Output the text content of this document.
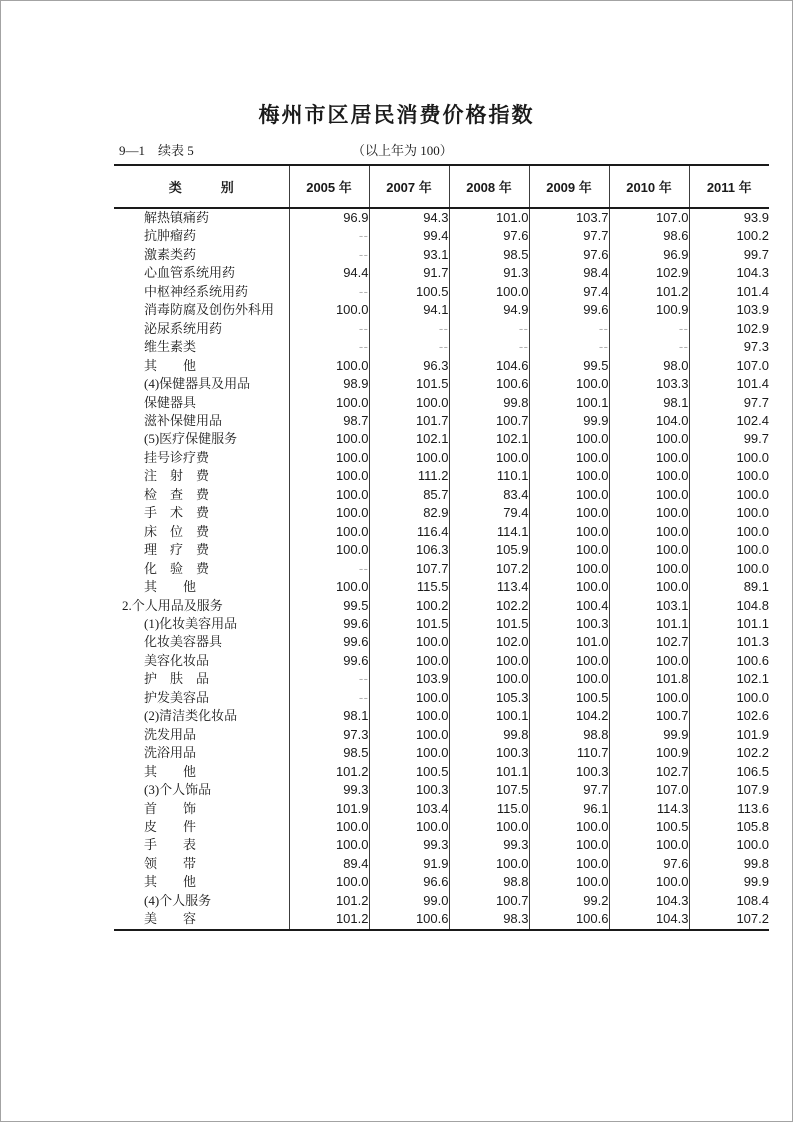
梅州市区居民消费价格指数
9—1　续表 5	（以上年为 100）
类　　　别	2005 年	2007 年	2008 年	2009 年	2010 年	2011 年
解热镇痛药	96.9	94.3	101.0	103.7	107.0	93.9
抗肿瘤药	--	99.4	97.6	97.7	98.6	100.2
激素类药	--	93.1	98.5	97.6	96.9	99.7
心血管系统用药	94.4	91.7	91.3	98.4	102.9	104.3
中枢神经系统用药	--	100.5	100.0	97.4	101.2	101.4
消毒防腐及创伤外科用	100.0	94.1	94.9	99.6	100.9	103.9
泌尿系统用药	--	--	--	--	--	102.9
维生素类	--	--	--	--	--	97.3
其　　他	100.0	96.3	104.6	99.5	98.0	107.0
(4)保健器具及用品	98.9	101.5	100.6	100.0	103.3	101.4
保健器具	100.0	100.0	99.8	100.1	98.1	97.7
滋补保健用品	98.7	101.7	100.7	99.9	104.0	102.4
(5)医疗保健服务	100.0	102.1	102.1	100.0	100.0	99.7
挂号诊疗费	100.0	100.0	100.0	100.0	100.0	100.0
注　射　费	100.0	111.2	110.1	100.0	100.0	100.0
检　查　费	100.0	85.7	83.4	100.0	100.0	100.0
手　术　费	100.0	82.9	79.4	100.0	100.0	100.0
床　位　费	100.0	116.4	114.1	100.0	100.0	100.0
理　疗　费	100.0	106.3	105.9	100.0	100.0	100.0
化　验　费	--	107.7	107.2	100.0	100.0	100.0
其　　他	100.0	115.5	113.4	100.0	100.0	89.1
2.个人用品及服务	99.5	100.2	102.2	100.4	103.1	104.8
(1)化妆美容用品	99.6	101.5	101.5	100.3	101.1	101.1
化妆美容器具	99.6	100.0	102.0	101.0	102.7	101.3
美容化妆品	99.6	100.0	100.0	100.0	100.0	100.6
护　肤　品	--	103.9	100.0	100.0	101.8	102.1
护发美容品	--	100.0	105.3	100.5	100.0	100.0
(2)清洁类化妆品	98.1	100.0	100.1	104.2	100.7	102.6
洗发用品	97.3	100.0	99.8	98.8	99.9	101.9
洗浴用品	98.5	100.0	100.3	110.7	100.9	102.2
其　　他	101.2	100.5	101.1	100.3	102.7	106.5
(3)个人饰品	99.3	100.3	107.5	97.7	107.0	107.9
首　　饰	101.9	103.4	115.0	96.1	114.3	113.6
皮　　件	100.0	100.0	100.0	100.0	100.5	105.8
手　　表	100.0	99.3	99.3	100.0	100.0	100.0
领　　带	89.4	91.9	100.0	100.0	97.6	99.8
其　　他	100.0	96.6	98.8	100.0	100.0	99.9
(4)个人服务	101.2	99.0	100.7	99.2	104.3	108.4
美　　容	101.2	100.6	98.3	100.6	104.3	107.2
